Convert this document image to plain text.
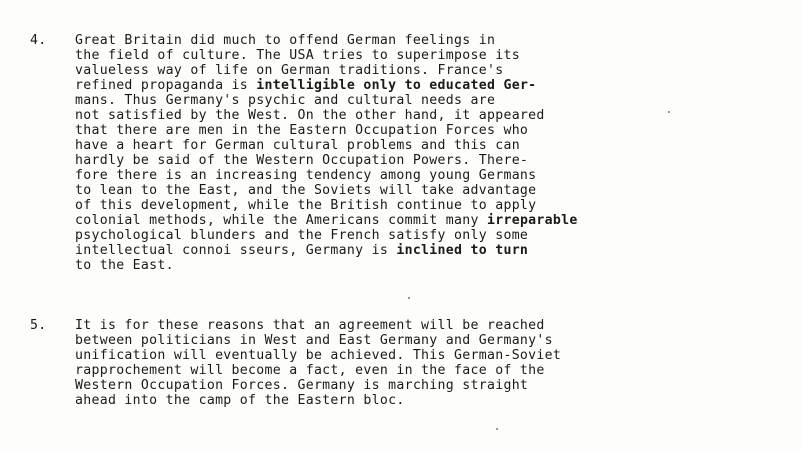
4. Great Britain did much to offend German feelings in
the field of culture. The USA tries to superimpose its
valueless way of life on German traditions. France's
refined propaganda is intelligible only to educated Ger-
mans. Thus Germany's psychic and cultural needs are
not satisfied by the West. On the other hand, it appeared
that there are men in the Eastern Occupation Forces who
have a heart for German cultural problems and this can
hardly be said of the Western Occupation Powers. There-
fore there is an increasing tendency among young Germans
to lean to the East, and the Soviets will take advantage
of this development, while the British continue to apply
colonial methods, while the Americans commit many irreparable
psychological blunders and the French satisfy only some
intellectual connoi sseurs, Germany is inclined to turn
to the East.
5. It is for these reasons that an agreement will be reached
between politicians in West and East Germany and Germany's
unification will eventually be achieved. This German-Soviet
rapprochement will become a fact, even in the face of the
Western Occupation Forces. Germany is marching straight
ahead into the camp of the Eastern bloc.
